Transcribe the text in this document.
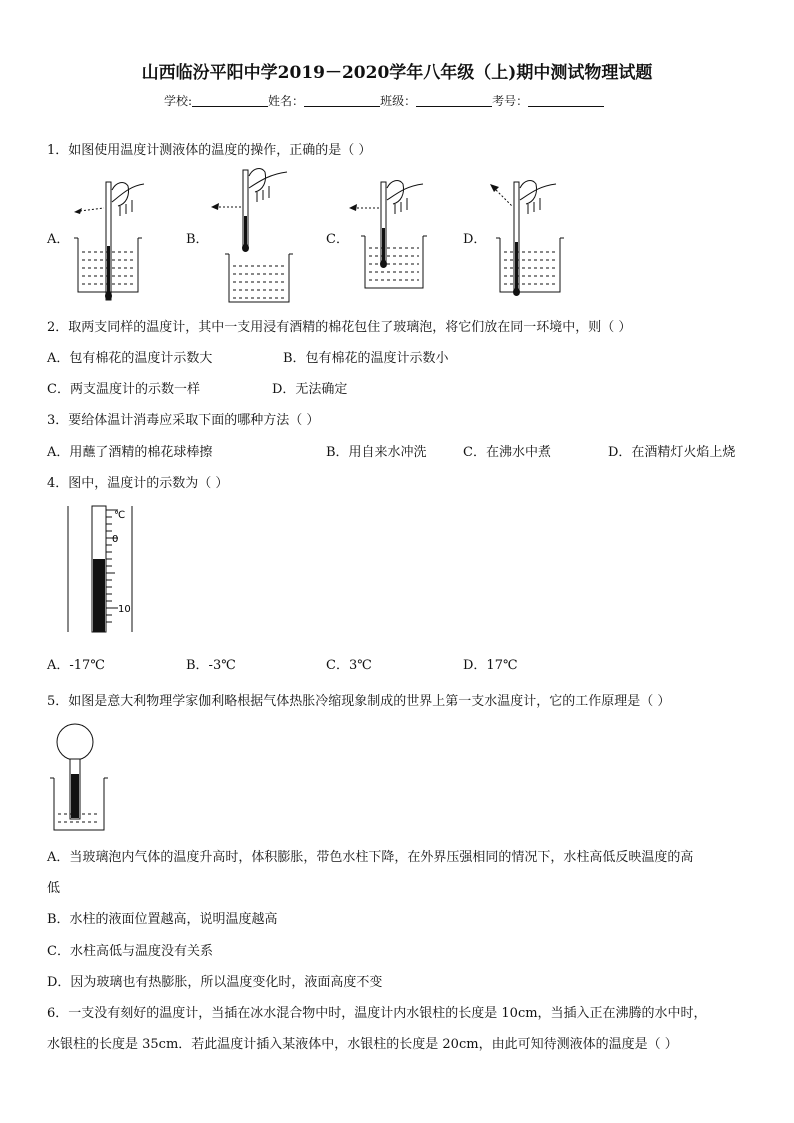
山西临汾平阳中学2019－2020学年八年级（上)期中测试物理试题
学校:	姓名：	班级：	考号：
1．如图使用温度计测液体的温度的操作，正确的是（ ）
A．	B．	C．	D．
2．取两支同样的温度计，其中一支用浸有酒精的棉花包住了玻璃泡，将它们放在同一环境中，则（ ）
A．包有棉花的温度计示数大	B．包有棉花的温度计示数小
C．两支温度计的示数一样	D．无法确定
3．要给体温计消毒应采取下面的哪种方法（ ）
A．用蘸了酒精的棉花球棒擦	B．用自来水冲洗	C．在沸水中煮	D．在酒精灯火焰上烧
4．图中，温度计的示数为（ ）
℃
0
10
A．-17℃	B．-3℃	C．3℃	D．17℃
5．如图是意大利物理学家伽利略根据气体热胀冷缩现象制成的世界上第一支水温度计，它的工作原理是（ ）
A．当玻璃泡内气体的温度升高时，体积膨胀，带色水柱下降，在外界压强相同的情况下，水柱高低反映温度的高
低
B．水柱的液面位置越高，说明温度越高
C．水柱高低与温度没有关系
D．因为玻璃也有热膨胀，所以温度变化时，液面高度不变
6．一支没有刻好的温度计，当插在冰水混合物中时，温度计内水银柱的长度是 10cm，当插入正在沸腾的水中时，
水银柱的长度是 35cm．若此温度计插入某液体中，水银柱的长度是 20cm，由此可知待测液体的温度是（ ）
